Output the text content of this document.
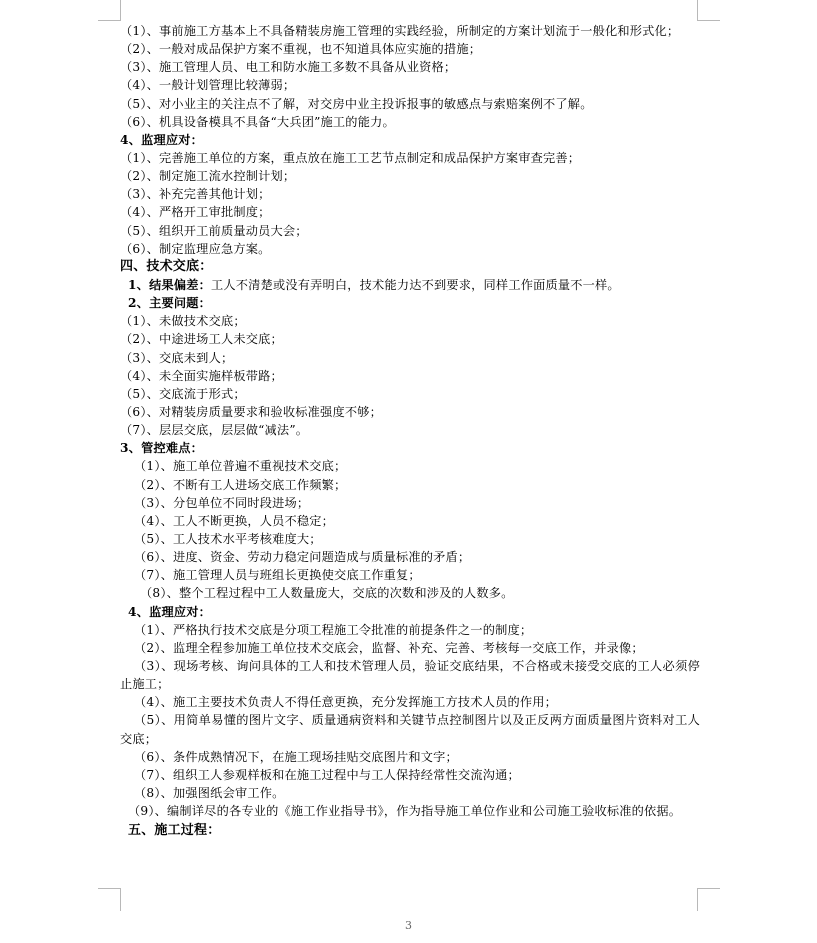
（1）、事前施工方基本上不具备精装房施工管理的实践经验，所制定的方案计划流于一般化和形式化；
（2）、一般对成品保护方案不重视，也不知道具体应实施的措施；
（3）、施工管理人员、电工和防水施工多数不具备从业资格；
（4）、一般计划管理比较薄弱；
（5）、对小业主的关注点不了解，对交房中业主投诉报事的敏感点与索赔案例不了解。
（6）、机具设备模具不具备“大兵团”施工的能力。
4、监理应对：
（1）、完善施工单位的方案，重点放在施工工艺节点制定和成品保护方案审查完善；
（2）、制定施工流水控制计划；
（3）、补充完善其他计划；
（4）、严格开工审批制度；
（5）、组织开工前质量动员大会；
（6）、制定监理应急方案。
四、技术交底：
1、结果偏差：工人不清楚或没有弄明白，技术能力达不到要求，同样工作面质量不一样。
2、主要问题：
（1）、未做技术交底；
（2）、中途进场工人未交底；
（3）、交底未到人；
（4）、未全面实施样板带路；
（5）、交底流于形式；
（6）、对精装房质量要求和验收标准强度不够；
（7）、层层交底，层层做“减法”。
3、管控难点：
（1）、施工单位普遍不重视技术交底；
（2）、不断有工人进场交底工作频繁；
（3）、分包单位不同时段进场；
（4）、工人不断更换，人员不稳定；
（5）、工人技术水平考核难度大；
（6）、进度、资金、劳动力稳定问题造成与质量标准的矛盾；
（7）、施工管理人员与班组长更换使交底工作重复；
（8）、整个工程过程中工人数量庞大，交底的次数和涉及的人数多。
4、监理应对：
（1）、严格执行技术交底是分项工程施工令批准的前提条件之一的制度；
（2）、监理全程参加施工单位技术交底会，监督、补充、完善、考核每一交底工作，并录像；
（3）、现场考核、询问具体的工人和技术管理人员，验证交底结果，不合格或未接受交底的工人必须停止施工；
（4）、施工主要技术负责人不得任意更换，充分发挥施工方技术人员的作用；
（5）、用简单易懂的图片文字、质量通病资料和关键节点控制图片以及正反两方面质量图片资料对工人交底；
（6）、条件成熟情况下，在施工现场挂贴交底图片和文字；
（7）、组织工人参观样板和在施工过程中与工人保持经常性交流沟通；
（8）、加强图纸会审工作。
（9）、编制详尽的各专业的《施工作业指导书》，作为指导施工单位作业和公司施工验收标准的依据。
五、施工过程：
3
